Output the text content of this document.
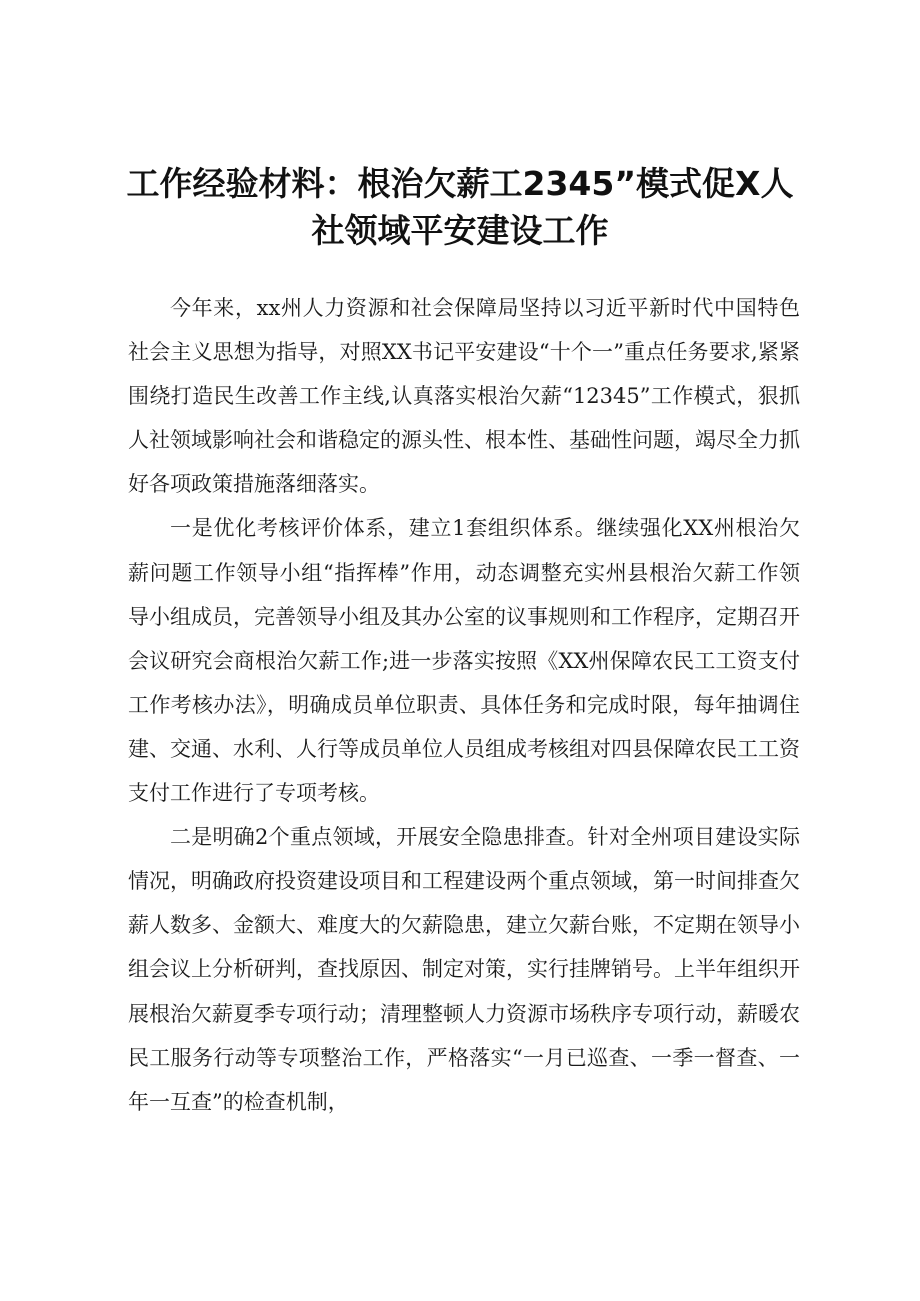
工作经验材料：根治欠薪工2345”模式促X人
社领域平安建设工作

今年来，xx州人力资源和社会保障局坚持以习近平新时代中国特色社会主义思想为指导，对照XX书记平安建设“十个一”重点任务要求,紧紧围绕打造民生改善工作主线,认真落实根治欠薪“12345”工作模式，狠抓人社领域影响社会和谐稳定的源头性、根本性、基础性问题，竭尽全力抓好各项政策措施落细落实。

一是优化考核评价体系，建立1套组织体系。继续强化XX州根治欠薪问题工作领导小组“指挥棒”作用，动态调整充实州县根治欠薪工作领导小组成员，完善领导小组及其办公室的议事规则和工作程序，定期召开会议研究会商根治欠薪工作;进一步落实按照《XX州保障农民工工资支付工作考核办法》，明确成员单位职责、具体任务和完成时限，每年抽调住建、交通、水利、人行等成员单位人员组成考核组对四县保障农民工工资支付工作进行了专项考核。

二是明确2个重点领域，开展安全隐患排查。针对全州项目建设实际情况，明确政府投资建设项目和工程建设两个重点领域，第一时间排查欠薪人数多、金额大、难度大的欠薪隐患，建立欠薪台账，不定期在领导小组会议上分析研判，查找原因、制定对策，实行挂牌销号。上半年组织开展根治欠薪夏季专项行动；清理整顿人力资源市场秩序专项行动，薪暖农民工服务行动等专项整治工作，严格落实“一月已巡查、一季一督查、一年一互查”的检查机制，
